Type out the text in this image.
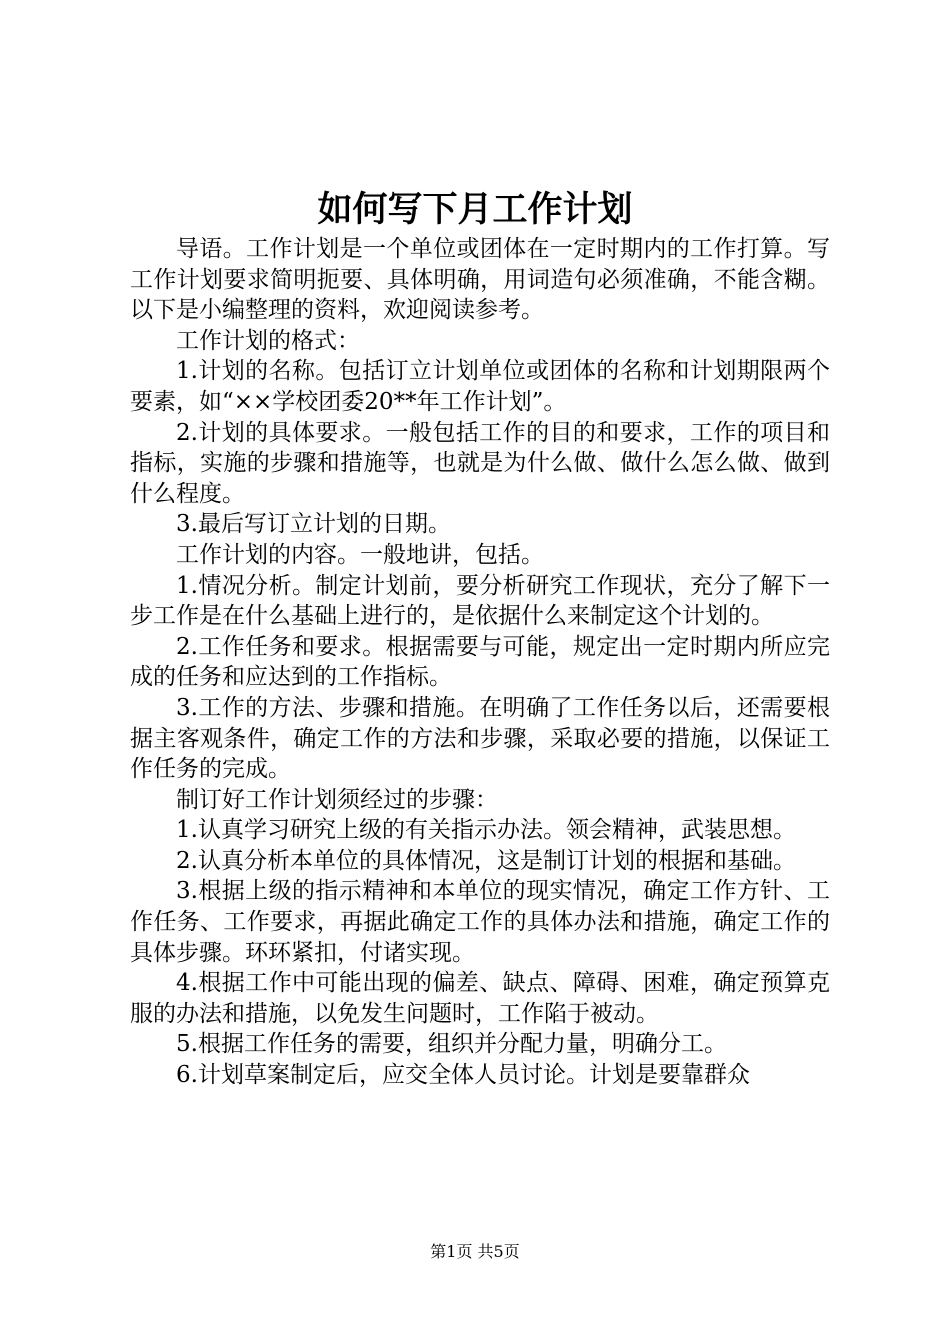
如何写下月工作计划

导语。工作计划是一个单位或团体在一定时期内的工作打算。写工作计划要求简明扼要、具体明确，用词造句必须准确，不能含糊。以下是小编整理的资料，欢迎阅读参考。

工作计划的格式：

1.计划的名称。包括订立计划单位或团体的名称和计划期限两个要素，如“××学校团委20**年工作计划”。

2.计划的具体要求。一般包括工作的目的和要求，工作的项目和指标，实施的步骤和措施等，也就是为什么做、做什么怎么做、做到什么程度。

3.最后写订立计划的日期。

工作计划的内容。一般地讲，包括。

1.情况分析。制定计划前，要分析研究工作现状，充分了解下一步工作是在什么基础上进行的，是依据什么来制定这个计划的。

2.工作任务和要求。根据需要与可能，规定出一定时期内所应完成的任务和应达到的工作指标。

3.工作的方法、步骤和措施。在明确了工作任务以后，还需要根据主客观条件，确定工作的方法和步骤，采取必要的措施，以保证工作任务的完成。

制订好工作计划须经过的步骤：

1.认真学习研究上级的有关指示办法。领会精神，武装思想。

2.认真分析本单位的具体情况，这是制订计划的根据和基础。

3.根据上级的指示精神和本单位的现实情况，确定工作方针、工作任务、工作要求，再据此确定工作的具体办法和措施，确定工作的具体步骤。环环紧扣，付诸实现。

4.根据工作中可能出现的偏差、缺点、障碍、困难，确定预算克服的办法和措施，以免发生问题时，工作陷于被动。

5.根据工作任务的需要，组织并分配力量，明确分工。

6.计划草案制定后，应交全体人员讨论。计划是要靠群众

第1页 共5页
